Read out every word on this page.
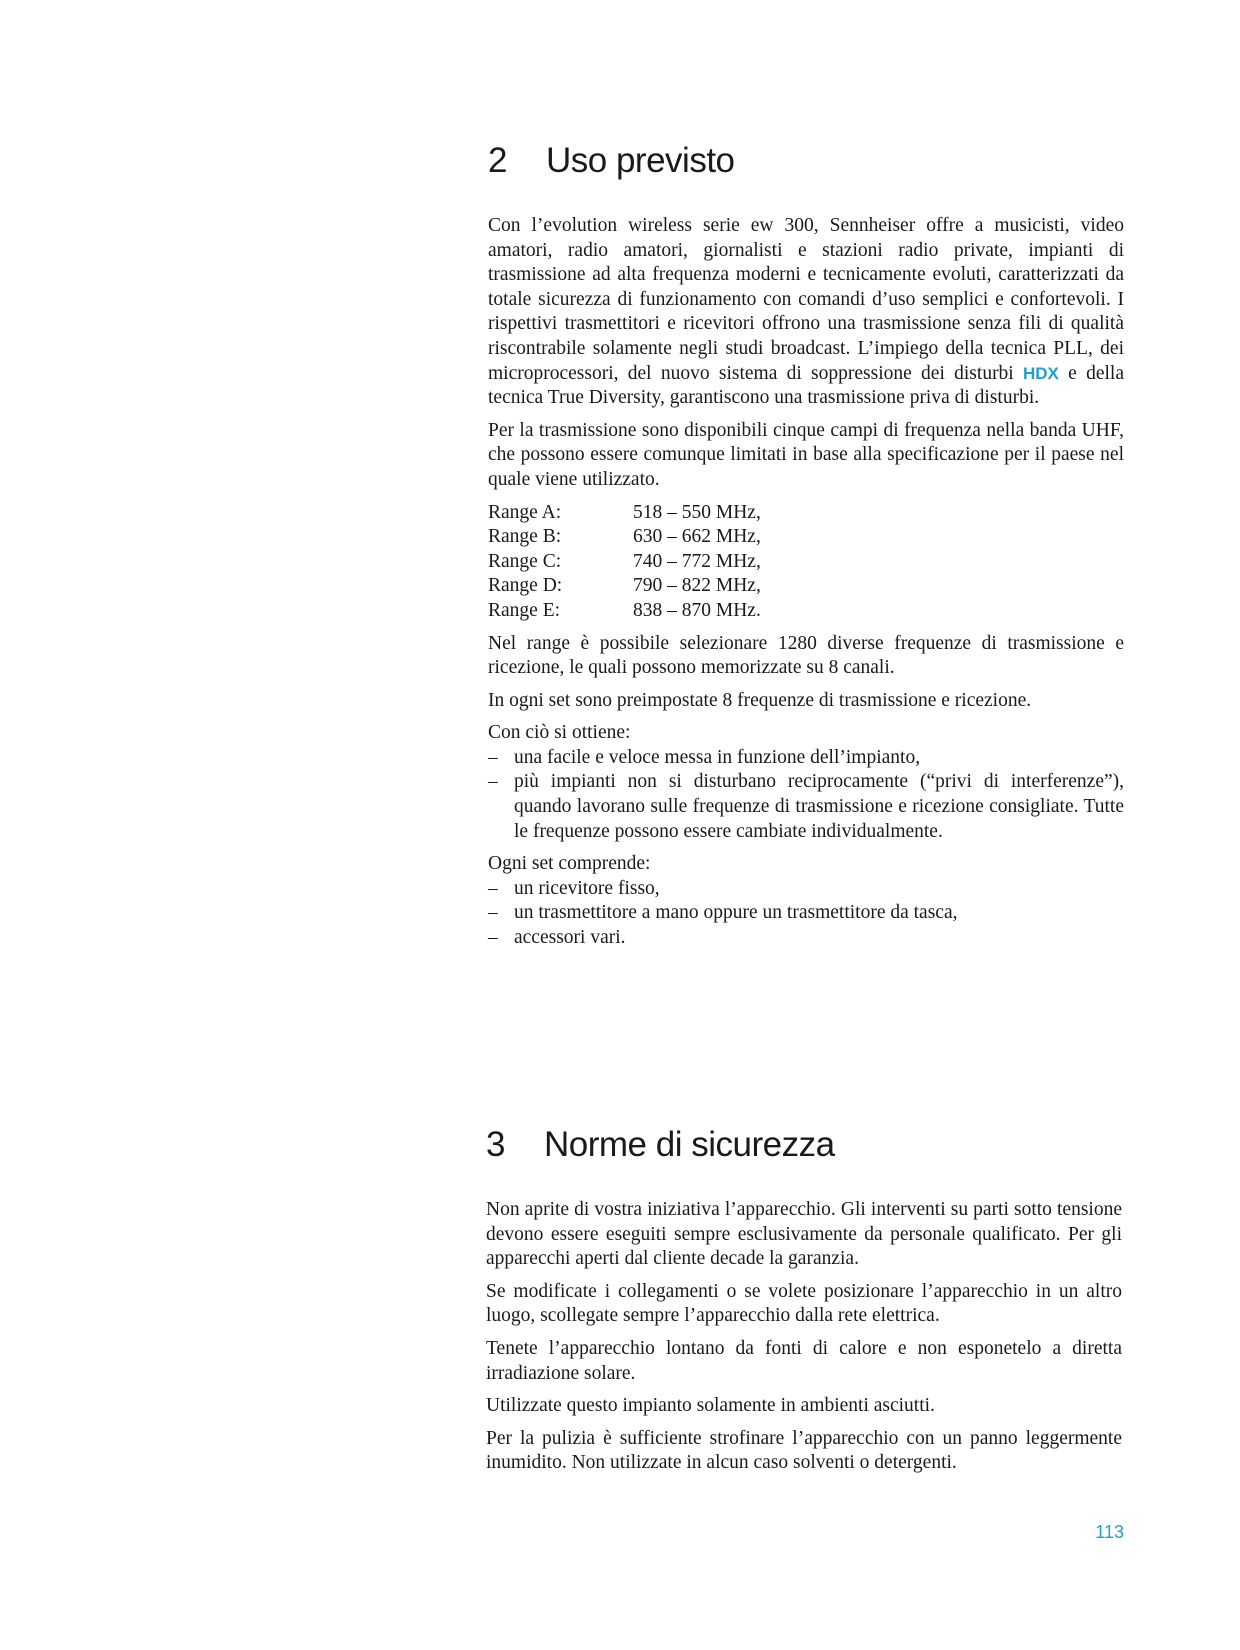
2 Uso previsto

Con l’evolution wireless serie ew 300, Sennheiser offre a musicisti, video amatori, radio amatori, giornalisti e stazioni radio private, impianti di trasmissione ad alta frequenza moderni e tecnicamente evoluti, caratterizzati da totale sicurezza di funzionamento con comandi d’uso semplici e confortevoli. I rispettivi trasmettitori e ricevitori offrono una trasmissione senza fili di qualità riscontrabile solamente negli studi broadcast. L’impiego della tecnica PLL, dei microprocessori, del nuovo sistema di soppressione dei disturbi HDX e della tecnica True Diversity, garantiscono una trasmissione priva di disturbi.

Per la trasmissione sono disponibili cinque campi di frequenza nella banda UHF, che possono essere comunque limitati in base alla specificazione per il paese nel quale viene utilizzato.

Range A:	518 – 550 MHz,
Range B:	630 – 662 MHz,
Range C:	740 – 772 MHz,
Range D:	790 – 822 MHz,
Range E:	838 – 870 MHz.

Nel range è possibile selezionare 1280 diverse frequenze di trasmissione e ricezione, le quali possono memorizzate su 8 canali.

In ogni set sono preimpostate 8 frequenze di trasmissione e ricezione.

Con ciò si ottiene:
– una facile e veloce messa in funzione dell’impianto,
– più impianti non si disturbano reciprocamente (“privi di interferenze”), quando lavorano sulle frequenze di trasmissione e ricezione consigliate. Tutte le frequenze possono essere cambiate individualmente.
Ogni set comprende:
– un ricevitore fisso,
– un trasmettitore a mano oppure un trasmettitore da tasca,
– accessori vari.
3 Norme di sicurezza

Non aprite di vostra iniziativa l’apparecchio. Gli interventi su parti sotto tensione devono essere eseguiti sempre esclusivamente da personale qualificato. Per gli apparecchi aperti dal cliente decade la garanzia.

Se modificate i collegamenti o se volete posizionare l’apparecchio in un altro luogo, scollegate sempre l’apparecchio dalla rete elettrica.

Tenete l’apparecchio lontano da fonti di calore e non esponetelo a diretta irradiazione solare.

Utilizzate questo impianto solamente in ambienti asciutti.

Per la pulizia è sufficiente strofinare l’apparecchio con un panno leggermente inumidito. Non utilizzate in alcun caso solventi o detergenti.

113
